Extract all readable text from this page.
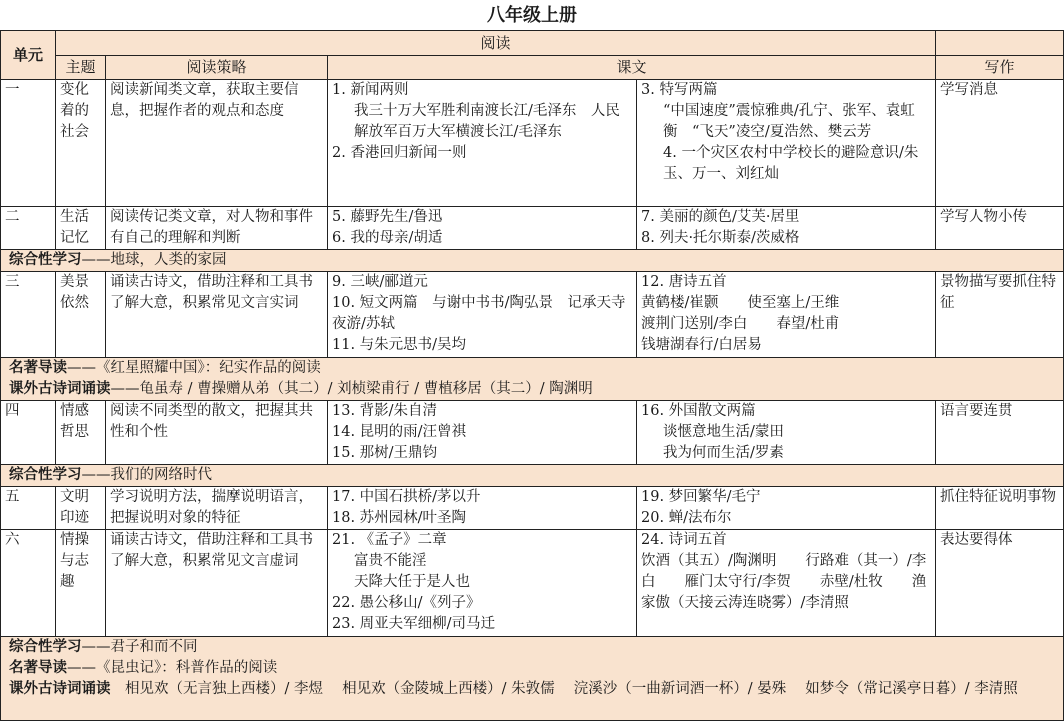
八年级上册
单元	阅读				
	主题	阅读策略	课文		写作
一	变化着的社会	阅读新闻类文章，获取主要信息，把握作者的观点和态度	1. 新闻两则
我三十万大军胜利南渡长江/毛泽东　人民解放军百万大军横渡长江/毛泽东
2. 香港回归新闻一则	3. 特写两篇
“中国速度”震惊雅典/孔宁、张军、袁虹衡　“飞天”凌空/夏浩然、樊云芳
4. 一个灾区农村中学校长的避险意识/朱玉、万一、刘红灿	学写消息
二	生活记忆	阅读传记类文章，对人物和事件有自己的理解和判断	5. 藤野先生/鲁迅
6. 我的母亲/胡适	7. 美丽的颜色/艾芙·居里
8. 列夫·托尔斯泰/茨威格	学写人物小传
综合性学习——地球，人类的家园					
三	美景依然	诵读古诗文，借助注释和工具书了解大意，积累常见文言实词	9. 三峡/郦道元
10. 短文两篇　与谢中书书/陶弘景　记承天寺夜游/苏轼
11. 与朱元思书/吴均	12. 唐诗五首
黄鹤楼/崔颢　　使至塞上/王维
渡荆门送别/李白　　春望/杜甫
钱塘湖春行/白居易	景物描写要抓住特征

名著导读——《红星照耀中国》：纪实作品的阅读
课外古诗词诵读——龟虽寿 / 曹操赠从弟（其二）/ 刘桢梁甫行 / 曹植移居（其二）/ 陶渊明					

四	情感哲思	阅读不同类型的散文，把握其共性和个性	13. 背影/朱自清
14. 昆明的雨/汪曾祺
15. 那树/王鼎钧	16. 外国散文两篇
谈惬意地生活/蒙田
我为何而生活/罗素	语言要连贯
综合性学习——我们的网络时代					
五	文明印迹	学习说明方法，揣摩说明语言，把握说明对象的特征	17. 中国石拱桥/茅以升
18. 苏州园林/叶圣陶	19. 梦回繁华/毛宁
20. 蝉/法布尔	抓住特征说明事物
六	情操与志趣	诵读古诗文，借助注释和工具书了解大意，积累常见文言虚词	21. 《孟子》二章
富贵不能淫
天降大任于是人也
22. 愚公移山/《列子》
23. 周亚夫军细柳/司马迁	24. 诗词五首
饮酒（其五）/陶渊明　　行路难（其一）/李白　　雁门太守行/李贺　　赤壁/杜牧　　渔家傲（天接云涛连晓雾）/李清照	表达要得体

综合性学习——君子和而不同
名著导读——《昆虫记》：科普作品的阅读
课外古诗词诵读　相见欢（无言独上西楼）/ 李煜　 相见欢（金陵城上西楼）/ 朱敦儒　 浣溪沙（一曲新词酒一杯）/ 晏殊　 如梦令（常记溪亭日暮）/ 李清照					
